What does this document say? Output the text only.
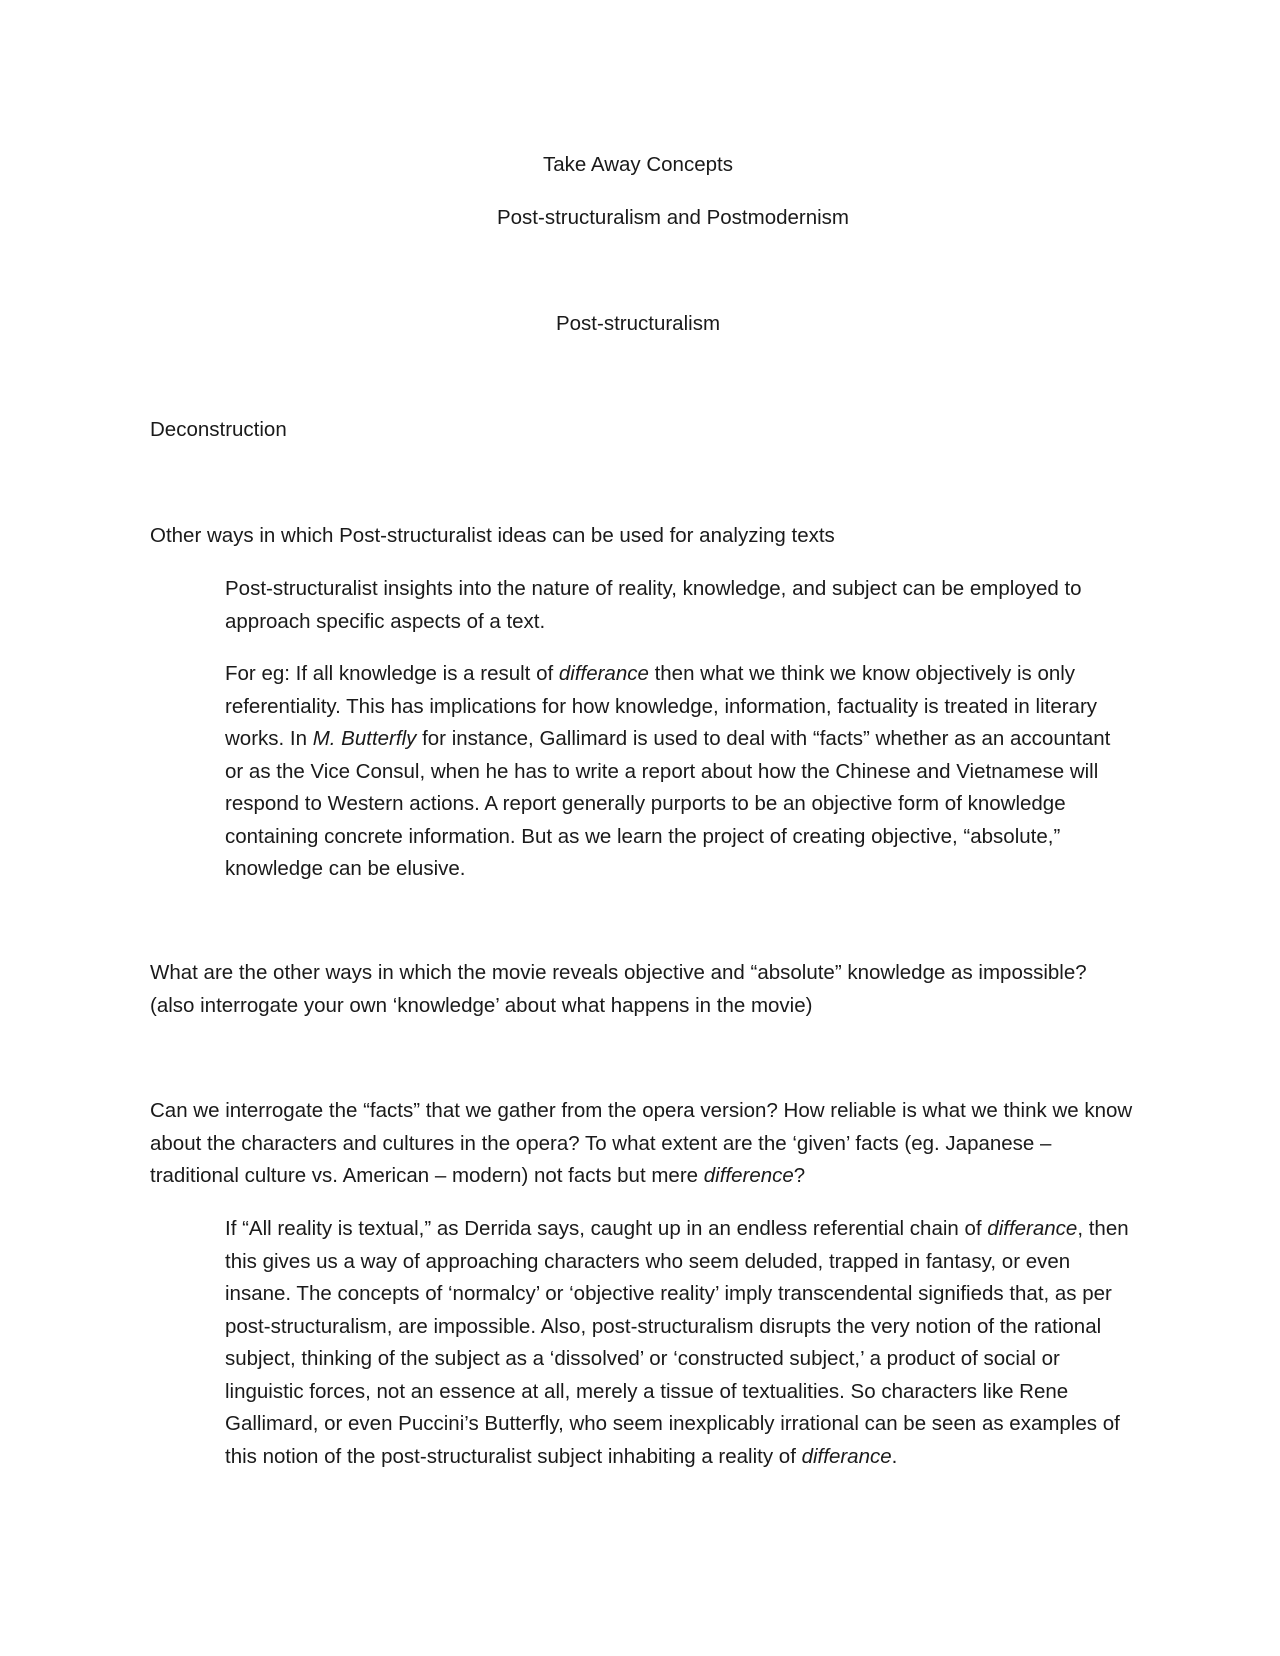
Take Away Concepts
Post-structuralism and Postmodernism
Post-structuralism

Deconstruction

Other ways in which Post-structuralist ideas can be used for analyzing texts

Post-structuralist insights into the nature of reality, knowledge, and subject can be employed to approach specific aspects of a text.

For eg: If all knowledge is a result of differance then what we think we know objectively is only referentiality. This has implications for how knowledge, information, factuality is treated in literary works. In M. Butterfly for instance, Gallimard is used to deal with “facts” whether as an accountant or as the Vice Consul, when he has to write a report about how the Chinese and Vietnamese will respond to Western actions. A report generally purports to be an objective form of knowledge containing concrete information. But as we learn the project of creating objective, “absolute,” knowledge can be elusive.

What are the other ways in which the movie reveals objective and “absolute” knowledge as impossible?
(also interrogate your own ‘knowledge’ about what happens in the movie)

Can we interrogate the “facts” that we gather from the opera version? How reliable is what we think we know about the characters and cultures in the opera? To what extent are the ‘given’ facts (eg. Japanese – traditional culture vs. American – modern) not facts but mere difference?

If “All reality is textual,” as Derrida says, caught up in an endless referential chain of differance, then this gives us a way of approaching characters who seem deluded, trapped in fantasy, or even insane. The concepts of ‘normalcy’ or ‘objective reality’ imply transcendental signifieds that, as per post-structuralism, are impossible. Also, post-structuralism disrupts the very notion of the rational subject, thinking of the subject as a ‘dissolved’ or ‘constructed subject,’ a product of social or linguistic forces, not an essence at all, merely a tissue of textualities. So characters like Rene Gallimard, or even Puccini’s Butterfly, who seem inexplicably irrational can be seen as examples of this notion of the post-structuralist subject inhabiting a reality of differance.
